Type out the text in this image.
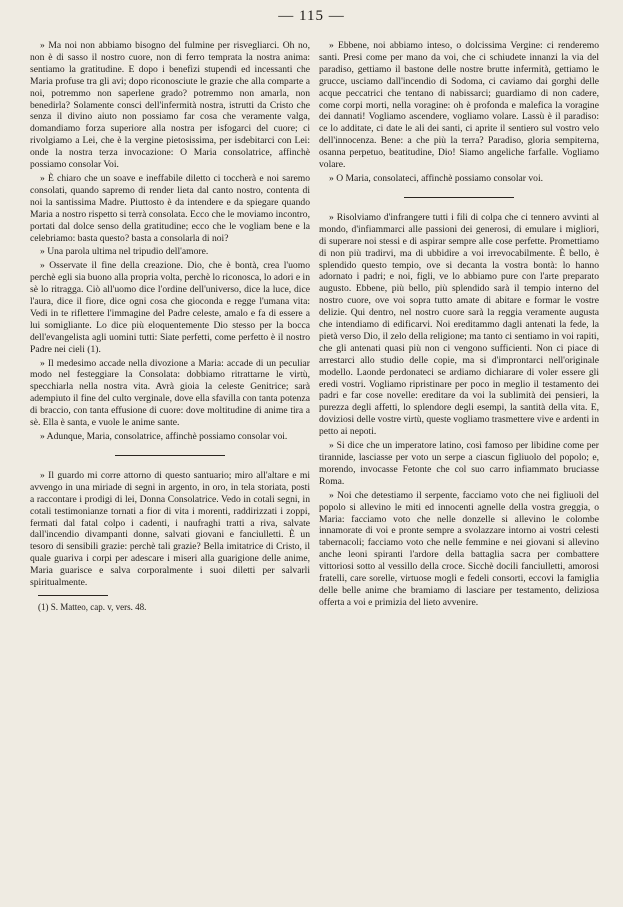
— 115 —

» Ma noi non abbiamo bisogno del fulmine per risvegliarci. Oh no, non è di sasso il nostro cuore, non di ferro temprata la nostra anima: sentiamo la gratitudine. E dopo i benefizi stupendi ed incessanti che Maria profuse tra gli avi; dopo riconosciute le grazie che alla comparte a noi, potremmo non saperlene grado? potremmo non amarla, non benedirla? Solamente consci dell'infermità nostra, istrutti da Cristo che senza il divino aiuto non possiamo far cosa che veramente valga, domandiamo forza superiore alla nostra per isfogarci del cuore; ci rivolgiamo a Lei, che è la vergine pietosissima, per isdebitarci con Lei: onde la nostra terza invocazione: O Maria consolatrice, affinchè possiamo consolar Voi.

» È chiaro che un soave e ineffabile diletto ci toccherà e noi saremo consolati, quando sapremo di render lieta dal canto nostro, contenta di noi la santissima Madre. Piuttosto è da intendere e da spiegare quando Maria a nostro rispetto si terrà consolata. Ecco che le moviamo incontro, portati dal dolce senso della gratitudine; ecco che le vogliam bene e la celebriamo: basta questo? basta a consolarla di noi?

» Una parola ultima nel tripudio dell'amore.

» Osservate il fine della creazione. Dio, che è bontà, crea l'uomo perchè egli sia buono alla propria volta, perchè lo riconosca, lo adori e in sè lo ritragga. Ciò all'uomo dice l'ordine dell'universo, dice la luce, dice l'aura, dice il fiore, dice ogni cosa che gioconda e regge l'umana vita: Vedi in te riflettere l'immagine del Padre celeste, amalo e fa di essere a lui somigliante. Lo dice più eloquentemente Dio stesso per la bocca dell'evangelista agli uomini tutti: Siate perfetti, come perfetto è il nostro Padre nei cieli (1).

» Il medesimo accade nella divozione a Maria: accade di un peculiar modo nel festeggiare la Consolata: dobbiamo ritrattarne le virtù, specchiarla nella nostra vita. Avrà gioia la celeste Genitrice; sarà adempiuto il fine del culto verginale, dove ella sfavilla con tanta potenza di braccio, con tanta effusione di cuore: dove moltitudine di anime tira a sè. Ella è santa, e vuole le anime sante.

» Adunque, Maria, consolatrice, affinchè possiamo consolar voi.

» Il guardo mi corre attorno di questo santuario; miro all'altare e mi avvengo in una miriade di segni in argento, in oro, in tela storiata, posti a raccontare i prodigi di lei, Donna Consolatrice. Vedo in cotali segni, in cotali testimonianze tornati a fior di vita i morenti, raddirizzati i zoppi, fermati dal fatal colpo i cadenti, i naufraghi tratti a riva, salvate dall'incendio divampanti donne, salvati giovani e fanciulletti. È un tesoro di sensibili grazie: perchè tali grazie? Bella imitatrice di Cristo, il quale guariva i corpi per adescare i miseri alla guarigione delle anime, Maria guarisce e salva corporalmente i suoi diletti per salvarli spiritualmente.

(1) S. Matteo, cap. v, vers. 48.

» Ebbene, noi abbiamo inteso, o dolcissima Vergine: ci renderemo santi. Presi come per mano da voi, che ci schiudete innanzi la via del paradiso, gettiamo il bastone delle nostre brutte infermità, gettiamo le grucce, usciamo dall'incendio di Sodoma, ci caviamo dai gorghi delle acque peccatrici che tentano di nabissarci; guardiamo di non cadere, come corpi morti, nella voragine: oh è profonda e malefica la voragine dei dannati! Vogliamo ascendere, vogliamo volare. Lassù è il paradiso: ce lo additate, ci date le ali dei santi, ci aprite il sentiero sul vostro velo dell'innocenza. Bene: a che più la terra? Paradiso, gloria sempiterna, osanna perpetuo, beatitudine, Dio! Siamo angeliche farfalle. Vogliamo volare.

» O Maria, consolateci, affinchè possiamo consolar voi.

» Risolviamo d'infrangere tutti i fili di colpa che ci tennero avvinti al mondo, d'infiammarci alle passioni dei generosi, di emulare i migliori, di superare noi stessi e di aspirar sempre alle cose perfette. Promettiamo di non più tradirvi, ma di ubbidire a voi irrevocabilmente. È bello, è splendido questo tempio, ove si decanta la vostra bontà: lo hanno adornato i padri; e noi, figli, ve lo abbiamo pure con l'arte preparato augusto. Ebbene, più bello, più splendido sarà il tempio interno del nostro cuore, ove voi sopra tutto amate di abitare e formar le vostre delizie. Qui dentro, nel nostro cuore sarà la reggia veramente augusta che intendiamo di edificarvi. Noi ereditammo dagli antenati la fede, la pietà verso Dio, il zelo della religione; ma tanto ci sentiamo in voi rapiti, che gli antenati quasi più non ci vengono sufficienti. Non ci piace di arrestarci allo studio delle copie, ma si d'improntarci nell'originale modello. Laonde perdonateci se ardiamo dichiarare di voler essere gli eredi vostri. Vogliamo ripristinare per poco in meglio il testamento dei padri e far cose novelle: ereditare da voi la sublimità dei pensieri, la purezza degli affetti, lo splendore degli esempi, la santità della vita. E, doviziosi delle vostre virtù, queste vogliamo trasmettere vive e ardenti in petto ai nepoti.

» Si dice che un imperatore latino, così famoso per libidine come per tirannide, lasciasse per voto un serpe a ciascun figliuolo del popolo; e, morendo, invocasse Fetonte che col suo carro infiammato bruciasse Roma.

» Noi che detestiamo il serpente, facciamo voto che nei figliuoli del popolo si allevino le miti ed innocenti agnelle della vostra greggia, o Maria: facciamo voto che nelle donzelle si allevino le colombe innamorate di voi e pronte sempre a svolazzare intorno ai vostri celesti tabernacoli; facciamo voto che nelle femmine e nei giovani si allevino anche leoni spiranti l'ardore della battaglia sacra per combattere vittoriosi sotto al vessillo della croce. Sicchè docili fanciulletti, amorosi fratelli, care sorelle, virtuose mogli e fedeli consorti, eccovi la famiglia delle belle anime che bramiamo di lasciare per testamento, deliziosa offerta a voi e primizia del lieto avvenire.
